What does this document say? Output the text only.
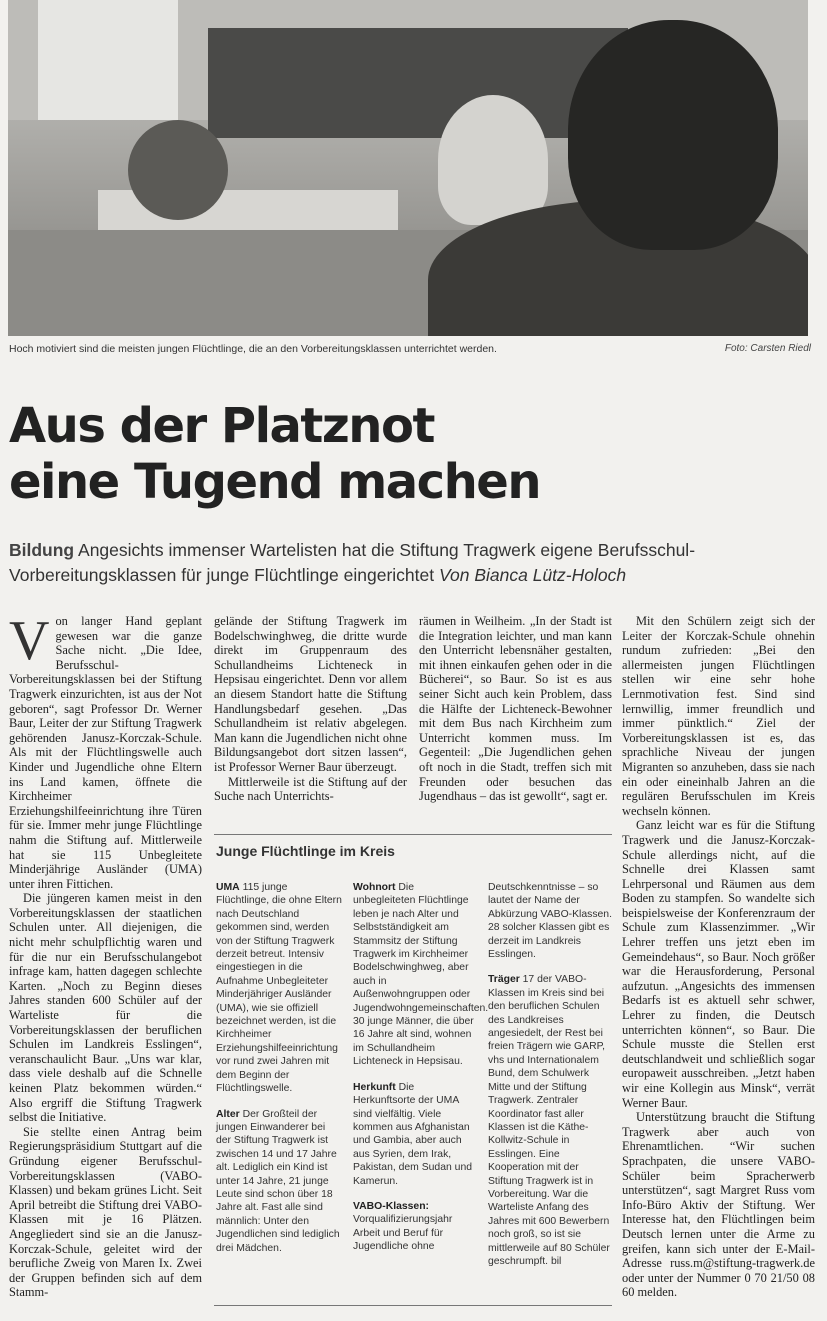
Hoch motiviert sind die meisten jungen Flüchtlinge, die an den Vorbereitungsklassen unterrichtet werden.	Foto: Carsten Riedl
Aus der Platznot
eine Tugend machen
Bildung Angesichts immenser Wartelisten hat die Stiftung Tragwerk eigene Berufsschul-Vorbereitungsklassen für junge Flüchtlinge eingerichtet Von Bianca Lütz-Holoch

Von langer Hand geplant gewesen war die ganze Sache nicht. „Die Idee, Berufsschul-Vorbereitungsklassen bei der Stiftung Tragwerk einzurichten, ist aus der Not geboren“, sagt Professor Dr. Werner Baur, Leiter der zur Stiftung Tragwerk gehörenden Janusz-Korczak-Schule. Als mit der Flüchtlingswelle auch Kinder und Jugendliche ohne Eltern ins Land kamen, öffnete die Kirchheimer Erziehungshilfeeinrichtung ihre Türen für sie. Immer mehr junge Flüchtlinge nahm die Stiftung auf. Mittlerweile hat sie 115 Unbegleitete Minderjährige Ausländer (UMA) unter ihren Fittichen.

Die jüngeren kamen meist in den Vorbereitungsklassen der staatlichen Schulen unter. All diejenigen, die nicht mehr schulpflichtig waren und für die nur ein Berufsschulangebot infrage kam, hatten dagegen schlechte Karten. „Noch zu Beginn dieses Jahres standen 600 Schüler auf der Warteliste für die Vorbereitungsklassen der beruflichen Schulen im Landkreis Esslingen“, veranschaulicht Baur. „Uns war klar, dass viele deshalb auf die Schnelle keinen Platz bekommen würden.“ Also ergriff die Stiftung Tragwerk selbst die Initiative.

Sie stellte einen Antrag beim Regierungspräsidium Stuttgart auf die Gründung eigener Berufsschul-Vorbereitungsklassen (VABO-Klassen) und bekam grünes Licht. Seit April betreibt die Stiftung drei VABO-Klassen mit je 16 Plätzen. Angegliedert sind sie an die Janusz-Korczak-Schule, geleitet wird der berufliche Zweig von Maren Ix. Zwei der Gruppen befinden sich auf dem Stamm-

gelände der Stiftung Tragwerk im Bodelschwinghweg, die dritte wurde direkt im Gruppenraum des Schullandheims Lichteneck in Hepsisau eingerichtet. Denn vor allem an diesem Standort hatte die Stiftung Handlungsbedarf gesehen. „Das Schullandheim ist relativ abgelegen. Man kann die Jugendlichen nicht ohne Bildungsangebot dort sitzen lassen“, ist Professor Werner Baur überzeugt.

Mittlerweile ist die Stiftung auf der Suche nach Unterrichts-

räumen in Weilheim. „In der Stadt ist die Integration leichter, und man kann den Unterricht lebensnäher gestalten, mit ihnen einkaufen gehen oder in die Bücherei“, so Baur. So ist es aus seiner Sicht auch kein Problem, dass die Hälfte der Lichteneck-Bewohner mit dem Bus nach Kirchheim zum Unterricht kommen muss. Im Gegenteil: „Die Jugendlichen gehen oft noch in die Stadt, treffen sich mit Freunden oder besuchen das Jugendhaus – das ist gewollt“, sagt er.

Mit den Schülern zeigt sich der Leiter der Korczak-Schule ohnehin rundum zufrieden: „Bei den allermeisten jungen Flüchtlingen stellen wir eine sehr hohe Lernmotivation fest. Sind sind lernwillig, immer freundlich und immer pünktlich.“ Ziel der Vorbereitungsklassen ist es, das sprachliche Niveau der jungen Migranten so anzuheben, dass sie nach ein oder eineinhalb Jahren an die regulären Berufsschulen im Kreis wechseln können.

Ganz leicht war es für die Stiftung Tragwerk und die Janusz-Korczak-Schule allerdings nicht, auf die Schnelle drei Klassen samt Lehrpersonal und Räumen aus dem Boden zu stampfen. So wandelte sich beispielsweise der Konferenzraum der Schule zum Klassenzimmer. „Wir Lehrer treffen uns jetzt eben im Gemeindehaus“, so Baur. Noch größer war die Herausforderung, Personal aufzutun. „Angesichts des immensen Bedarfs ist es aktuell sehr schwer, Lehrer zu finden, die Deutsch unterrichten können“, so Baur. Die Schule musste die Stellen erst deutschlandweit und schließlich sogar europaweit ausschreiben. „Jetzt haben wir eine Kollegin aus Minsk“, verrät Werner Baur.

Unterstützung braucht die Stiftung Tragwerk aber auch von Ehrenamtlichen. “Wir suchen Sprachpaten, die unsere VABO-Schüler beim Spracherwerb unterstützen“, sagt Margret Russ vom Info-Büro Aktiv der Stiftung. Wer Interesse hat, den Flüchtlingen beim Deutsch lernen unter die Arme zu greifen, kann sich unter der E-Mail-Adresse russ.m@stiftung-tragwerk.de oder unter der Nummer 0 70 21/50 08 60 melden.

Junge Flüchtlinge im Kreis

UMA 115 junge Flüchtlinge, die ohne Eltern nach Deutschland gekommen sind, werden von der Stiftung Tragwerk derzeit betreut. Intensiv eingestiegen in die Aufnahme Unbegleiteter Minderjähriger Ausländer (UMA), wie sie offiziell bezeichnet werden, ist die Kirchheimer Erziehungshilfeeinrichtung vor rund zwei Jahren mit dem Beginn der Flüchtlingswelle.

Alter Der Großteil der jungen Einwanderer bei der Stiftung Tragwerk ist zwischen 14 und 17 Jahre alt. Lediglich ein Kind ist unter 14 Jahre, 21 junge Leute sind schon über 18 Jahre alt. Fast alle sind männlich: Unter den Jugendlichen sind lediglich drei Mädchen.

Wohnort Die unbegleiteten Flüchtlinge leben je nach Alter und Selbstständigkeit am Stammsitz der Stiftung Tragwerk im Kirchheimer Bodelschwinghweg, aber auch in Außenwohngruppen oder Jugendwohngemeinschaften. 30 junge Männer, die über 16 Jahre alt sind, wohnen im Schullandheim Lichteneck in Hepsisau.

Herkunft Die Herkunftsorte der UMA sind vielfältig. Viele kommen aus Afghanistan und Gambia, aber auch aus Syrien, dem Irak, Pakistan, dem Sudan und Kamerun.

VABO-Klassen: Vorqualifizierungsjahr Arbeit und Beruf für Jugendliche ohne

Deutschkenntnisse – so lautet der Name der Abkürzung VABO-Klassen. 28 solcher Klassen gibt es derzeit im Landkreis Esslingen.

Träger 17 der VABO-Klassen im Kreis sind bei den beruflichen Schulen des Landkreises angesiedelt, der Rest bei freien Trägern wie GARP, vhs und Internationalem Bund, dem Schulwerk Mitte und der Stiftung Tragwerk. Zentraler Koordinator fast aller Klassen ist die Käthe-Kollwitz-Schule in Esslingen. Eine Kooperation mit der Stiftung Tragwerk ist in Vorbereitung. War die Warteliste Anfang des Jahres mit 600 Bewerbern noch groß, so ist sie mittlerweile auf 80 Schüler geschrumpft. bil
